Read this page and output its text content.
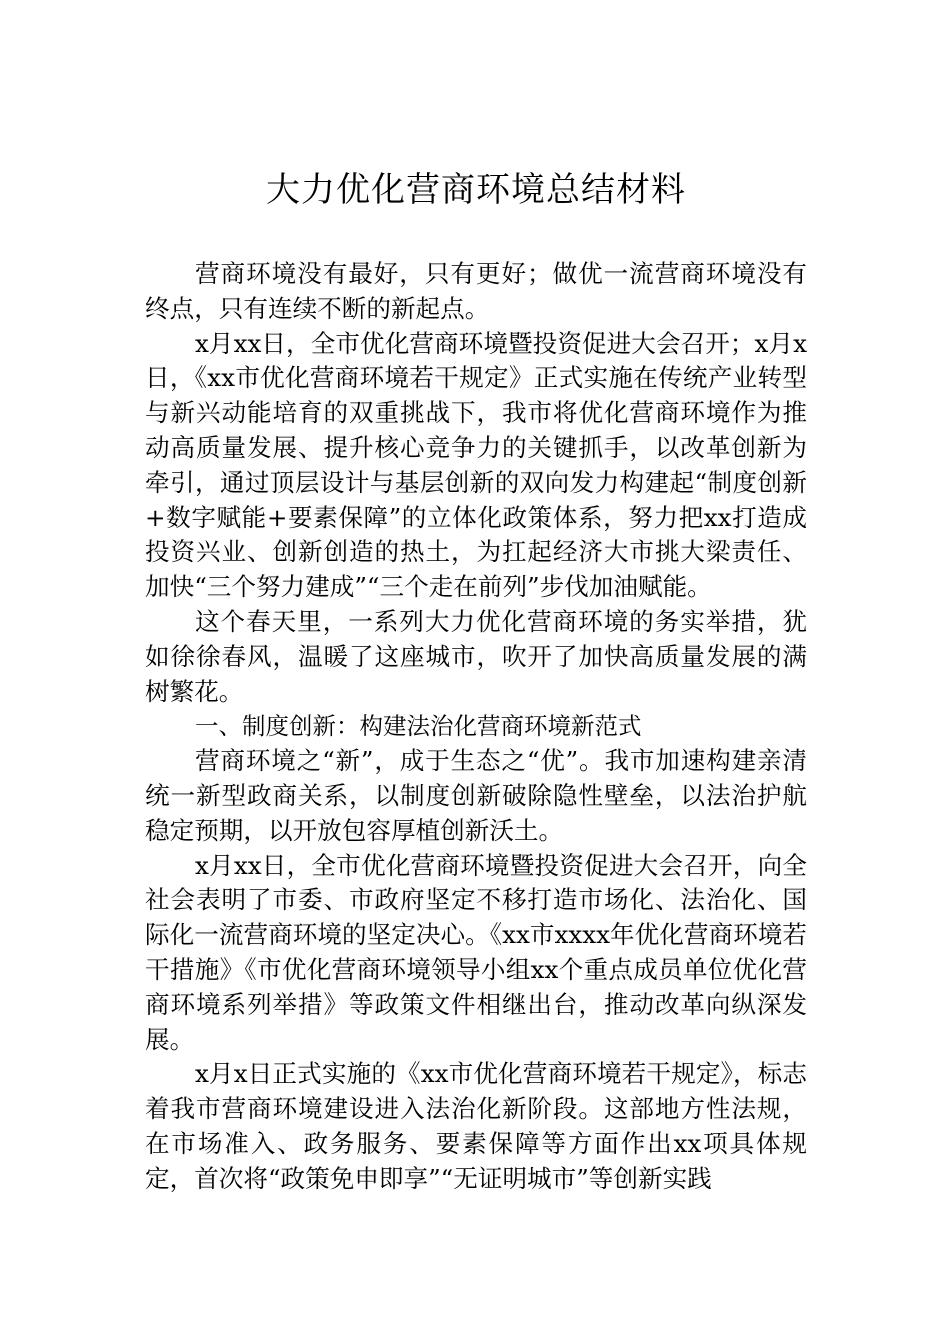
大力优化营商环境总结材料

营商环境没有最好，只有更好；做优一流营商环境没有终点，只有连续不断的新起点。

x月xx日，全市优化营商环境暨投资促进大会召开；x月x日，《xx市优化营商环境若干规定》正式实施在传统产业转型与新兴动能培育的双重挑战下，我市将优化营商环境作为推动高质量发展、提升核心竞争力的关键抓手，以改革创新为牵引，通过顶层设计与基层创新的双向发力构建起“制度创新+数字赋能+要素保障”的立体化政策体系，努力把xx打造成投资兴业、创新创造的热土，为扛起经济大市挑大梁责任、加快“三个努力建成”“三个走在前列”步伐加油赋能。

这个春天里，一系列大力优化营商环境的务实举措，犹如徐徐春风，温暖了这座城市，吹开了加快高质量发展的满树繁花。

一、制度创新：构建法治化营商环境新范式

营商环境之“新”，成于生态之“优”。我市加速构建亲清统一新型政商关系，以制度创新破除隐性壁垒，以法治护航稳定预期，以开放包容厚植创新沃土。

x月xx日，全市优化营商环境暨投资促进大会召开，向全社会表明了市委、市政府坚定不移打造市场化、法治化、国际化一流营商环境的坚定决心。《xx市xxxx年优化营商环境若干措施》《市优化营商环境领导小组xx个重点成员单位优化营商环境系列举措》等政策文件相继出台，推动改革向纵深发展。

x月x日正式实施的《xx市优化营商环境若干规定》，标志着我市营商环境建设进入法治化新阶段。这部地方性法规，在市场准入、政务服务、要素保障等方面作出xx项具体规定，首次将“政策免申即享”“无证明城市”等创新实践
